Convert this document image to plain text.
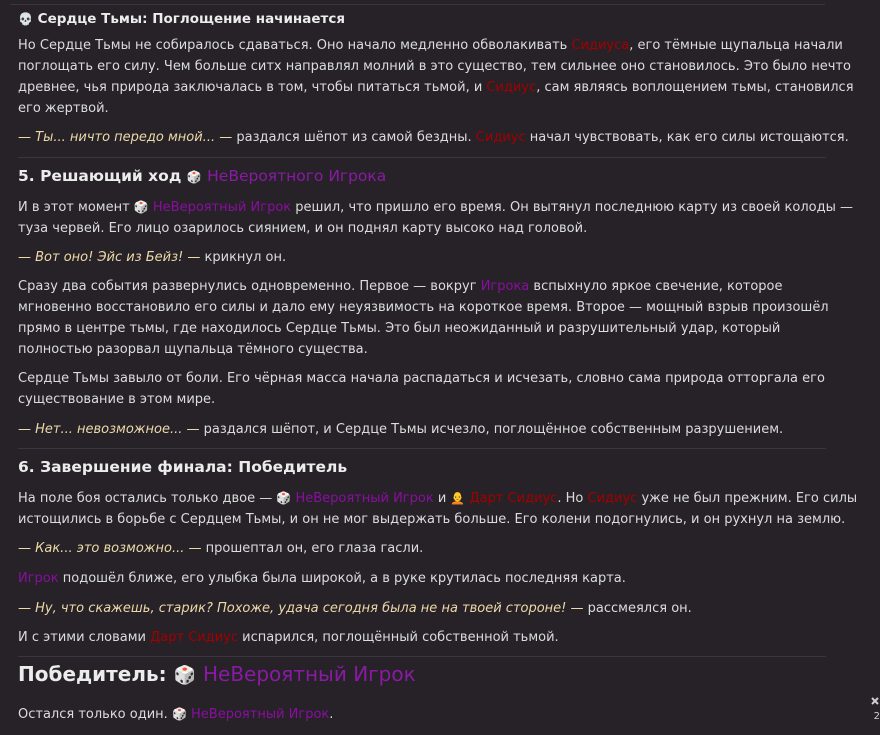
💀 Сердце Тьмы: Поглощение начинается

Но Сердце Тьмы не собиралось сдаваться. Оно начало медленно обволакивать Сидиуса, его тёмные щупальца начали поглощать его силу. Чем больше ситх направлял молний в это существо, тем сильнее оно становилось. Это было нечто древнее, чья природа заключалась в том, чтобы питаться тьмой, и Сидиус, сам являясь воплощением тьмы, становился его жертвой.

— Ты... ничто передо мной... — раздался шёпот из самой бездны. Сидиус начал чувствовать, как его силы истощаются.

5. Решающий ход 🎲 НеВероятного Игрока

И в этот момент 🎲 НеВероятный Игрок решил, что пришло его время. Он вытянул последнюю карту из своей колоды — туза червей. Его лицо озарилось сиянием, и он поднял карту высоко над головой.

— Вот оно! Эйс из Бейз! — крикнул он.

Сразу два события развернулись одновременно. Первое — вокруг Игрока вспыхнуло яркое свечение, которое мгновенно восстановило его силы и дало ему неуязвимость на короткое время. Второе — мощный взрыв произошёл прямо в центре тьмы, где находилось Сердце Тьмы. Это был неожиданный и разрушительный удар, который полностью разорвал щупальца тёмного существа.

Сердце Тьмы завыло от боли. Его чёрная масса начала распадаться и исчезать, словно сама природа отторгала его существование в этом мире.

— Нет... невозможное... — раздался шёпот, и Сердце Тьмы исчезло, поглощённое собственным разрушением.

6. Завершение финала: Победитель

На поле боя остались только двое — 🎲 НеВероятный Игрок и 🧑‍🦲 Дарт Сидиус. Но Сидиус уже не был прежним. Его силы истощились в борьбе с Сердцем Тьмы, и он не мог выдержать больше. Его колени подогнулись, и он рухнул на землю.

— Как... это возможно... — прошептал он, его глаза гасли.

Игрок подошёл ближе, его улыбка была широкой, а в руке крутилась последняя карта.

— Ну, что скажешь, старик? Похоже, удача сегодня была не на твоей стороне! — рассмеялся он.

И с этими словами Дарт Сидиус испарился, поглощённый собственной тьмой.

Победитель: 🎲 НеВероятный Игрок

Остался только один. 🎲 НеВероятный Игрок.	2
